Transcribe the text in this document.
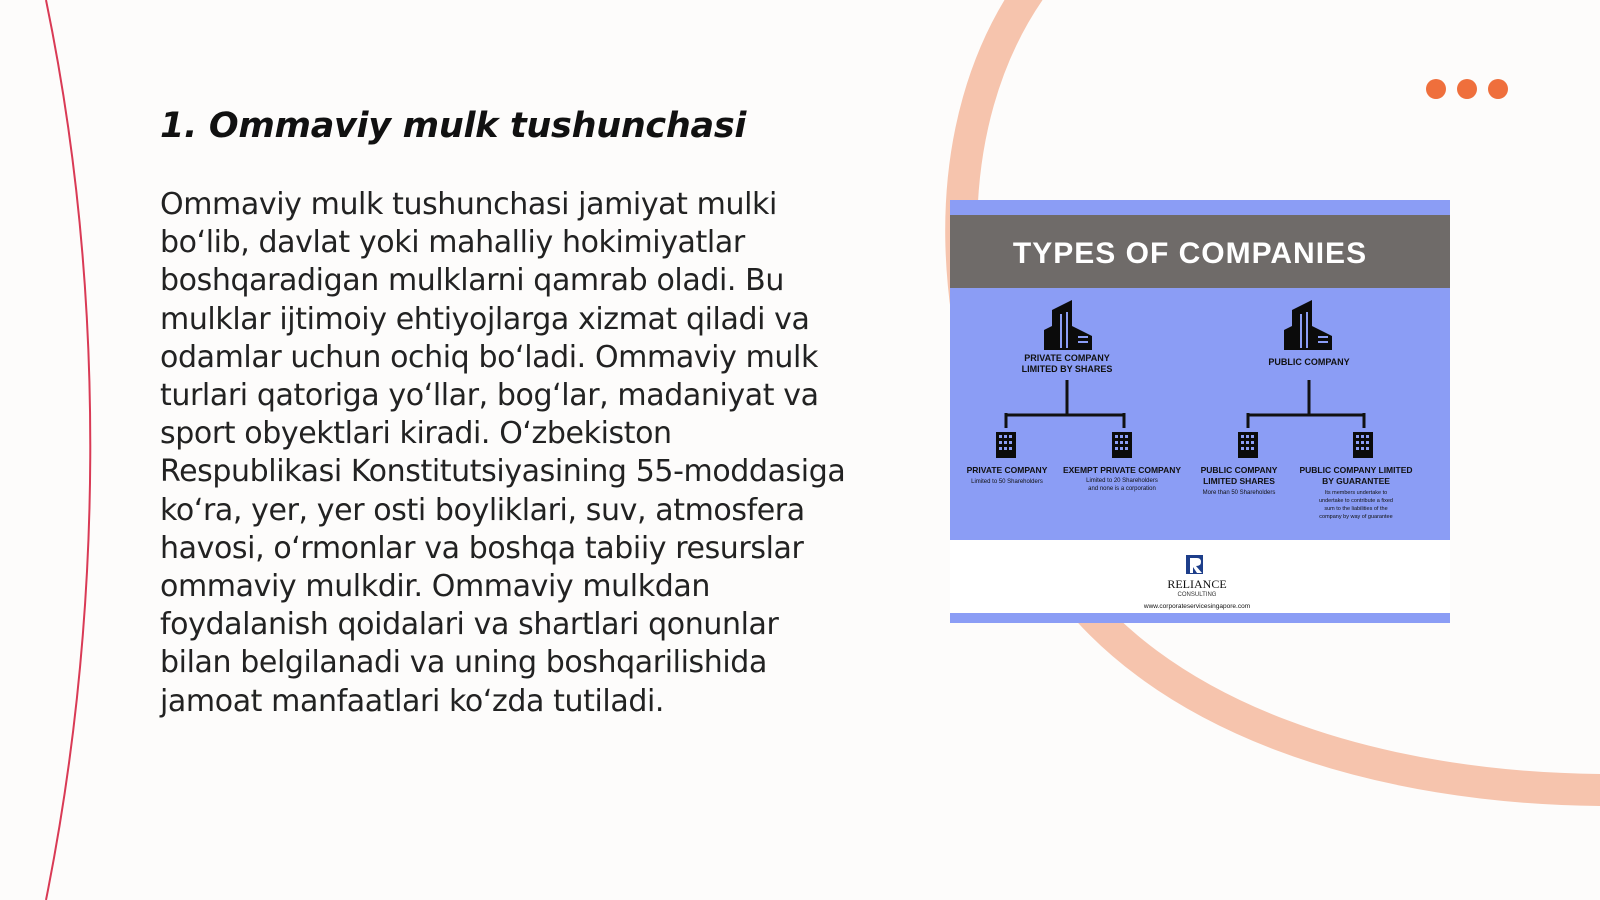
1. Ommaviy mulk tushunchasi

Ommaviy mulk tushunchasi jamiyat mulki bo‘lib, davlat yoki mahalliy hokimiyatlar boshqaradigan mulklarni qamrab oladi. Bu mulklar ijtimoiy ehtiyojlarga xizmat qiladi va odamlar uchun ochiq bo‘ladi. Ommaviy mulk turlari qatoriga yo‘llar, bog‘lar, madaniyat va sport obyektlari kiradi. O‘zbekiston Respublikasi Konstitutsiyasining 55-moddasiga ko‘ra, yer, yer osti boyliklari, suv, atmosfera havosi, o‘rmonlar va boshqa tabiiy resurslar ommaviy mulkdir. Ommaviy mulkdan foydalanish qoidalari va shartlari qonunlar bilan belgilanadi va uning boshqarilishida jamoat manfaatlari ko‘zda tutiladi.

TYPES OF COMPANIES
PRIVATE COMPANY
LIMITED BY SHARES
PUBLIC COMPANY
PRIVATE COMPANY
Limited to 50 Shareholders
EXEMPT PRIVATE COMPANY
Limited to 20 Shareholders
and none is a corporation
PUBLIC COMPANY
LIMITED SHARES
More than 50 Shareholders
PUBLIC COMPANY LIMITED
BY GUARANTEE
Its members undertake to
undertake to contribute a fixed
sum to the liabilities of the
company by way of guarantee
RELIANCE
CONSULTING
www.corporateservicesingapore.com
